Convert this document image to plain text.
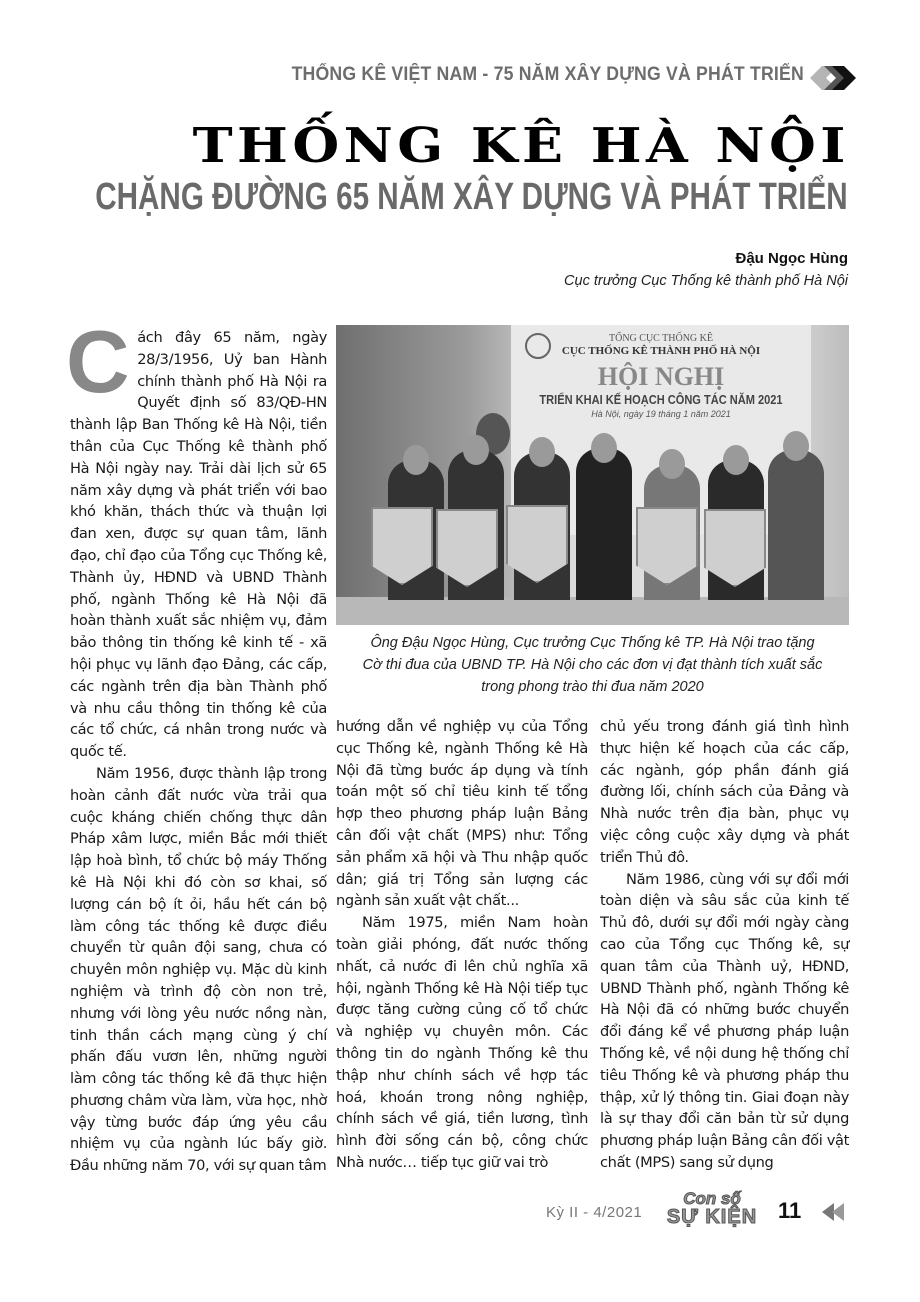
THỐNG KÊ VIỆT NAM - 75 NĂM XÂY DỰNG VÀ PHÁT TRIỂN
THỐNG KÊ HÀ NỘI
CHẶNG ĐƯỜNG 65 NĂM XÂY DỰNG VÀ PHÁT TRIỂN
Đậu Ngọc Hùng
Cục trưởng Cục Thống kê thành phố Hà Nội
TỔNG CỤC THỐNG KÊ
CỤC THỐNG KÊ THÀNH PHỐ HÀ NỘI
HỘI NGHỊ
TRIỂN KHAI KẾ HOẠCH CÔNG TÁC NĂM 2021
Hà Nội, ngày 19 tháng 1 năm 2021
Ông Đậu Ngọc Hùng, Cục trưởng Cục Thống kê TP. Hà Nội trao tặng
Cờ thi đua của UBND TP. Hà Nội cho các đơn vị đạt thành tích xuất sắc
trong phong trào thi đua năm 2020
C ách đây 65 năm, ngày 28/3/1956, Uỷ ban Hành chính thành phố Hà Nội ra Quyết định số 83/QĐ-HN thành lập Ban Thống kê Hà Nội, tiền thân của Cục Thống kê thành phố Hà Nội ngày nay. Trải dài lịch sử 65 năm xây dựng và phát triển với bao khó khăn, thách thức và thuận lợi đan xen, được sự quan tâm, lãnh đạo, chỉ đạo của Tổng cục Thống kê, Thành ủy, HĐND và UBND Thành phố, ngành Thống kê Hà Nội đã hoàn thành xuất sắc nhiệm vụ, đảm bảo thông tin thống kê kinh tế - xã hội phục vụ lãnh đạo Đảng, các cấp, các ngành trên địa bàn Thành phố và nhu cầu thông tin thống kê của các tổ chức, cá nhân trong nước và quốc tế.

Năm 1956, được thành lập trong hoàn cảnh đất nước vừa trải qua cuộc kháng chiến chống thực dân Pháp xâm lược, miền Bắc mới thiết lập hoà bình, tổ chức bộ máy Thống kê Hà Nội khi đó còn sơ khai, số lượng cán bộ ít ỏi, hầu hết cán bộ làm công tác thống kê được điều chuyển từ quân đội sang, chưa có chuyên môn nghiệp vụ. Mặc dù kinh nghiệm và trình độ còn non trẻ, nhưng với lòng yêu nước nồng nàn, tinh thần cách mạng cùng ý chí phấn đấu vươn lên, những người làm công tác thống kê đã thực hiện phương châm vừa làm, vừa học, nhờ vậy từng bước đáp ứng yêu cầu nhiệm vụ của ngành lúc bấy giờ. Đầu những năm 70, với sự quan tâm

hướng dẫn về nghiệp vụ của Tổng cục Thống kê, ngành Thống kê Hà Nội đã từng bước áp dụng và tính toán một số chỉ tiêu kinh tế tổng hợp theo phương pháp luận Bảng cân đối vật chất (MPS) như: Tổng sản phẩm xã hội và Thu nhập quốc dân; giá trị Tổng sản lượng các ngành sản xuất vật chất...

Năm 1975, miền Nam hoàn toàn giải phóng, đất nước thống nhất, cả nước đi lên chủ nghĩa xã hội, ngành Thống kê Hà Nội tiếp tục được tăng cường củng cố tổ chức và nghiệp vụ chuyên môn. Các thông tin do ngành Thống kê thu thập như chính sách về hợp tác hoá, khoán trong nông nghiệp, chính sách về giá, tiền lương, tình hình đời sống cán bộ, công chức Nhà nước… tiếp tục giữ vai trò

chủ yếu trong đánh giá tình hình thực hiện kế hoạch của các cấp, các ngành, góp phần đánh giá đường lối, chính sách của Đảng và Nhà nước trên địa bàn, phục vụ việc công cuộc xây dựng và phát triển Thủ đô.

Năm 1986, cùng với sự đổi mới toàn diện và sâu sắc của kinh tế Thủ đô, dưới sự đổi mới ngày càng cao của Tổng cục Thống kê, sự quan tâm của Thành uỷ, HĐND, UBND Thành phố, ngành Thống kê Hà Nội đã có những bước chuyển đổi đáng kể về phương pháp luận Thống kê, về nội dung hệ thống chỉ tiêu Thống kê và phương pháp thu thập, xử lý thông tin. Giai đoạn này là sự thay đổi căn bản từ sử dụng phương pháp luận Bảng cân đối vật chất (MPS) sang sử dụng

Kỳ II - 4/2021
Con số
SỰ KIỆN 11
